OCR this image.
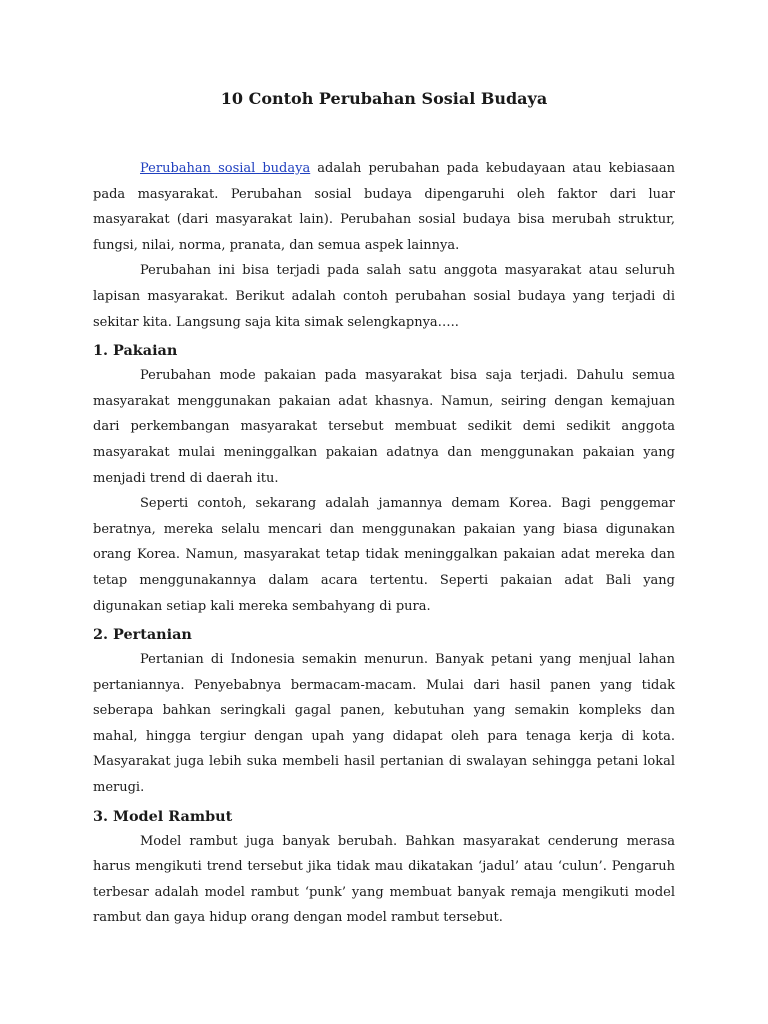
10 Contoh Perubahan Sosial Budaya

Perubahan sosial budaya adalah perubahan pada kebudayaan atau kebiasaan pada masyarakat. Perubahan sosial budaya dipengaruhi oleh faktor dari luar masyarakat (dari masyarakat lain). Perubahan sosial budaya bisa merubah struktur, fungsi, nilai, norma, pranata, dan semua aspek lainnya.

Perubahan ini bisa terjadi pada salah satu anggota masyarakat atau seluruh lapisan masyarakat. Berikut adalah contoh perubahan sosial budaya yang terjadi di sekitar kita. Langsung saja kita simak selengkapnya…..

1. Pakaian

Perubahan mode pakaian pada masyarakat bisa saja terjadi. Dahulu semua masyarakat menggunakan pakaian adat khasnya. Namun, seiring dengan kemajuan dari perkembangan masyarakat tersebut membuat sedikit demi sedikit anggota masyarakat mulai meninggalkan pakaian adatnya dan menggunakan pakaian yang menjadi trend di daerah itu.

Seperti contoh, sekarang adalah jamannya demam Korea. Bagi penggemar beratnya, mereka selalu mencari dan menggunakan pakaian yang biasa digunakan orang Korea. Namun, masyarakat tetap tidak meninggalkan pakaian adat mereka dan tetap menggunakannya dalam acara tertentu. Seperti pakaian adat Bali yang digunakan setiap kali mereka sembahyang di pura.

2. Pertanian

Pertanian di Indonesia semakin menurun. Banyak petani yang menjual lahan pertaniannya. Penyebabnya bermacam-macam. Mulai dari hasil panen yang tidak seberapa bahkan seringkali gagal panen, kebutuhan yang semakin kompleks dan mahal, hingga tergiur dengan upah yang didapat oleh para tenaga kerja di kota. Masyarakat juga lebih suka membeli hasil pertanian di swalayan sehingga petani lokal merugi.

3. Model Rambut

Model rambut juga banyak berubah. Bahkan masyarakat cenderung merasa harus mengikuti trend tersebut jika tidak mau dikatakan ‘jadul’ atau ‘culun’. Pengaruh terbesar adalah model rambut ‘punk’ yang membuat banyak remaja mengikuti model rambut dan gaya hidup orang dengan model rambut tersebut.
